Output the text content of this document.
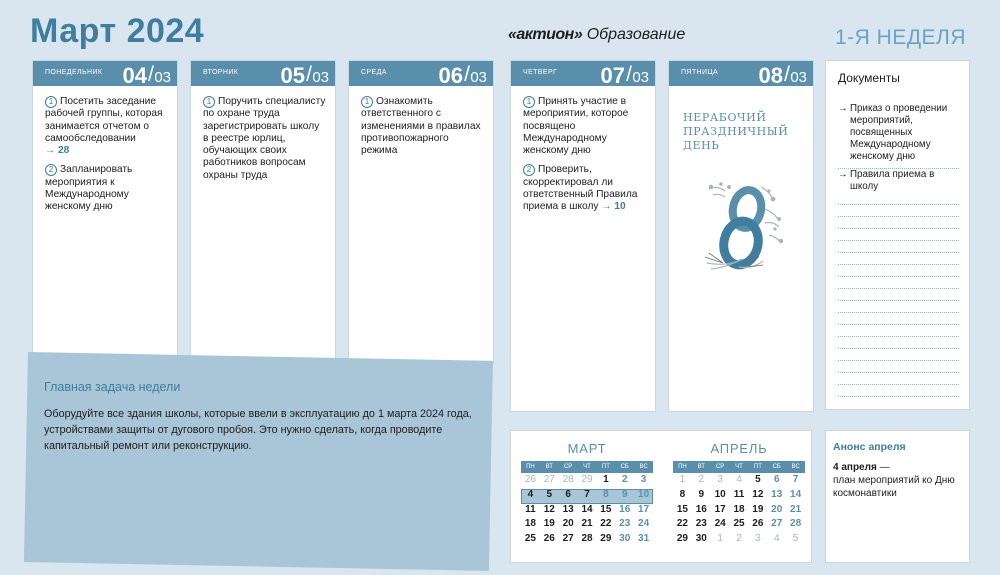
Март 2024	«актион» Образование	1-Я НЕДЕЛЯ
ПОНЕДЕЛЬНИК 04 03
/
1 Посетить заседание рабочей группы, которая занимается отчетом о самообследовании
→ 28
2 Запланировать мероприятия к Международному женскому дню
ВТОРНИК 05 03
/
1 Поручить специалисту по охране труда зарегистрировать школу в реестре юрлиц, обучающих своих работников вопросам охраны труда
СРЕДА 06 03
/
1 Ознакомить ответственного с изменениями в правилах противопожарного режима
ЧЕТВЕРГ 07 03
/
1 Принять участие в мероприятии, которое посвящено Международному женскому дню
2 Проверить, скорректировал ли ответственный Правила приема в школу → 10
ПЯТНИЦА 08 03
/
НЕРАБОЧИЙ
ПРАЗДНИЧНЫЙ ДЕНЬ
Документы
→ Приказ о проведении мероприятий, посвященных Международному женскому дню
→ Правила приема в школу
Главная задача недели
Оборудуйте все здания школы, которые ввели в эксплуатацию до 1 марта 2024 года, устройствами защиты от дугового пробоя. Это нужно сделать, когда проводите капитальный ремонт или реконструкцию.	МАРТ
ПН	ВТ	СР	ЧТ	ПТ	СБ	ВС
26 27 28 29	1	2	3
4	5	6	7	8	9	10
11 12 13 14 15 16 17
18 19 20 21 22 23 24
25 26 27 28 29 30 31
АПРЕЛЬ
ПН	ВТ	СР	ЧТ	ПТ	СБ	ВС
1	2	3	4	5	6	7
8	9	10 11 12 13 14
15 16 17 18 19 20 21
22 23 24 25 26 27 28
29 30	1	2	3	4	5
Анонс апреля
4 апреля —
план мероприятий ко Дню космонавтики
